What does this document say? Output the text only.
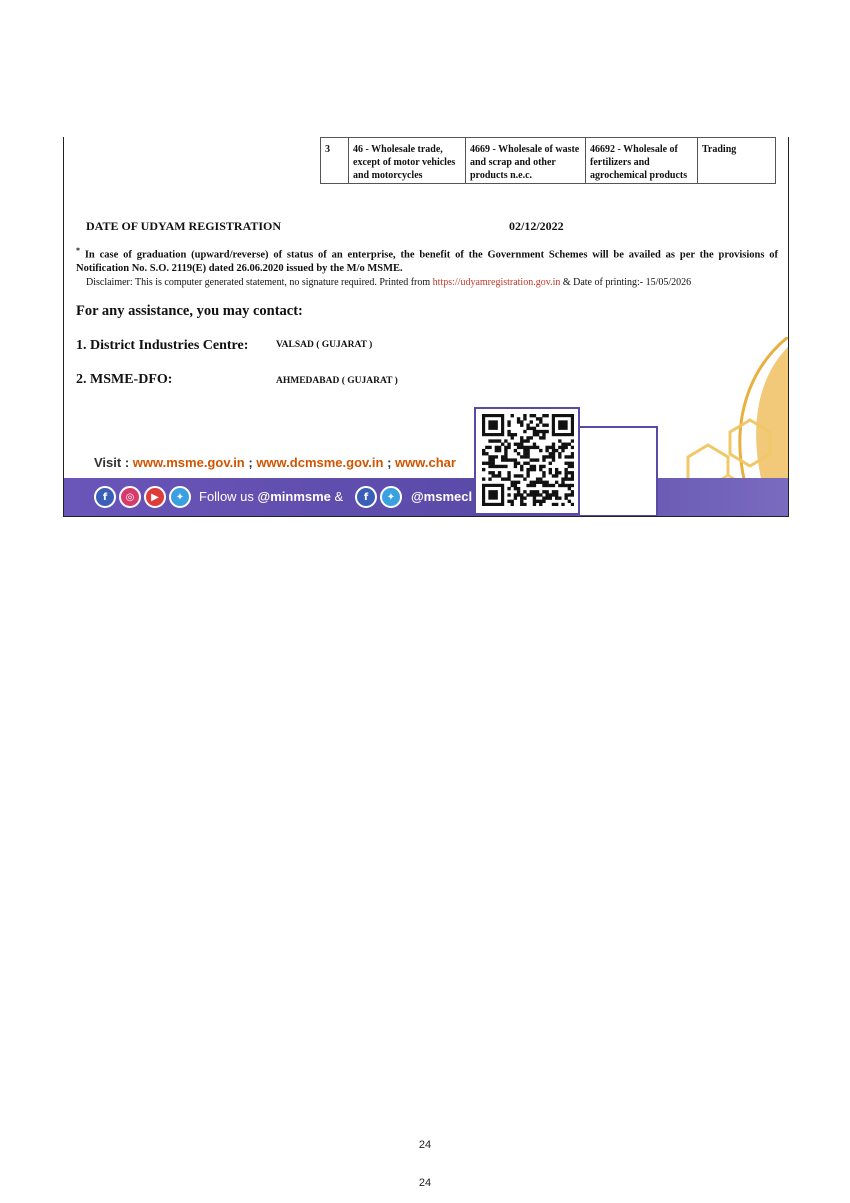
3	46 - Wholesale trade, except of motor vehicles and motorcycles	4669 - Wholesale of waste and scrap and other products n.e.c.	46692 - Wholesale of fertilizers and agrochemical products	Trading
DATE OF UDYAM REGISTRATION	02/12/2022
* In case of graduation (upward/reverse) of status of an enterprise, the benefit of the Government Schemes will be availed as per the provisions of Notification No. S.O. 2119(E) dated 26.06.2020 issued by the M/o MSME.
Disclaimer: This is computer generated statement, no signature required. Printed from https://udyamregistration.gov.in & Date of printing:- 15/05/2026
For any assistance, you may contact:
1. District Industries Centre:	VALSAD ( GUJARAT )
2. MSME-DFO:	AHMEDABAD ( GUJARAT )
Visit : www.msme.gov.in ; www.dcmsme.gov.in ; www.char
f	◎	▶	✦	Follow us @minmsme &	f	✦	@msmecl
24
24
